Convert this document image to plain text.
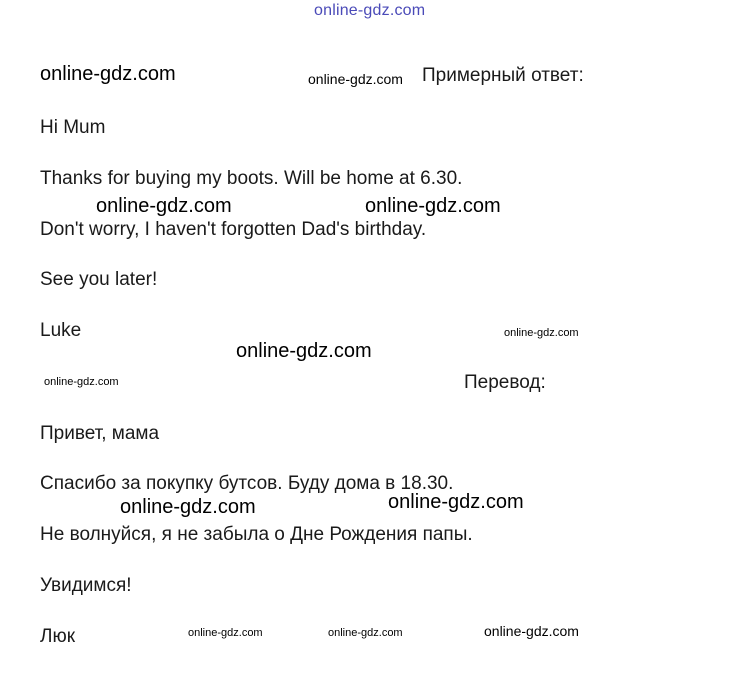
online-gdz.com
online-gdz.com	online-gdz.com Примерный ответ:
Hi Mum
Thanks for buying my boots. Will be home at 6.30.
online-gdz.com	online-gdz.com
Don't worry, I haven't forgotten Dad's birthday.
See you later!
Luke	online-gdz.com
online-gdz.com
online-gdz.com	Перевод:
Привет, мама
Спасибо за покупку бутсов. Буду дома в 18.30.
online-gdz.com	online-gdz.com
Не волнуйся, я не забыла о Дне Рождения папы.
Увидимся!
Люк	online-gdz.com	online-gdz.com	online-gdz.com
